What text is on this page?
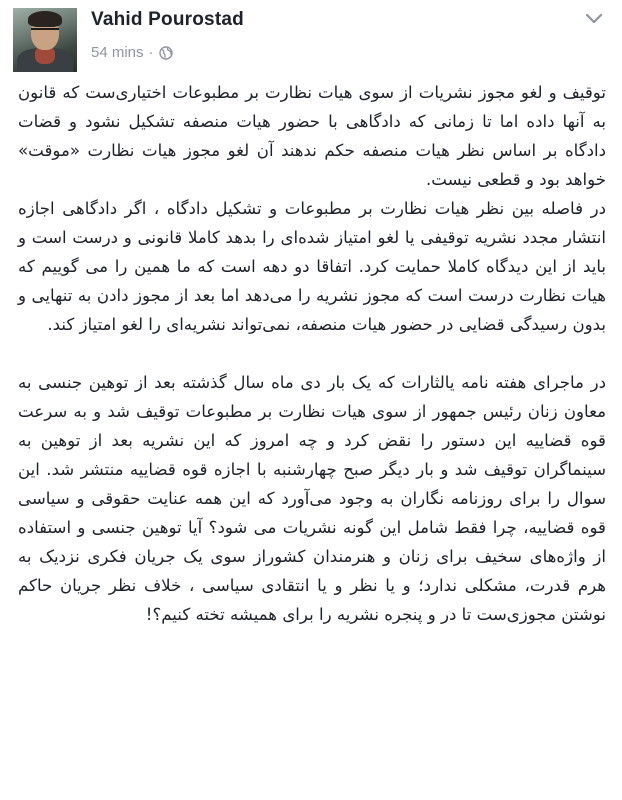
Vahid Pourostad
54 mins ·

توقیف و لغو مجوز نشریات از سوی هیات نظارت بر مطبوعات اختیاری‌ست که قانون به آنها داده اما تا زمانی که دادگاهی با حضور هیات منصفه تشکیل نشود و قضات دادگاه بر اساس نظر هیات منصفه حکم ندهند آن لغو مجوز هیات نظارت «موقت» خواهد بود و قطعی نیست.

در فاصله بین نظر هیات نظارت بر مطبوعات و تشکیل دادگاه ، اگر دادگاهی اجازه انتشار مجدد نشریه توقیفی یا لغو امتیاز شده‌ای را بدهد کاملا قانونی و درست است و باید از این دیدگاه کاملا حمایت کرد. اتفاقا دو دهه است که ما همین را می گوییم که هیات نظارت درست است که مجوز نشریه را می‌دهد اما بعد از مجوز دادن به تنهایی و بدون رسیدگی قضایی در حضور هیات منصفه، نمی‌تواند نشریه‌ای را لغو امتیاز کند.

در ماجرای هفته نامه یالثارات که یک بار دی ماه سال گذشته بعد از توهین جنسی به معاون زنان رئیس جمهور از سوی هیات نظارت بر مطبوعات توقیف شد و به سرعت قوه قضاییه این دستور را نقض کرد و چه امروز که این نشریه بعد از توهین به سینماگران توقیف شد و بار دیگر صبح چهارشنبه با اجازه قوه قضاییه منتشر شد. این سوال را برای روزنامه نگاران به وجود می‌آورد که این همه عنایت حقوقی و سیاسی قوه قضاییه، چرا فقط شامل این گونه نشریات می شود؟ آیا توهین جنسی و استفاده از واژه‌های سخیف برای زنان و هنرمندان کشوراز سوی یک جریان فکری نزدیک به هرم قدرت، مشکلی ندارد؛ و یا نظر و یا انتقادی سیاسی ، خلاف نظر جریان حاکم نوشتن مجوزی‌ست تا در و پنجره نشریه را برای همیشه تخته کنیم؟!
